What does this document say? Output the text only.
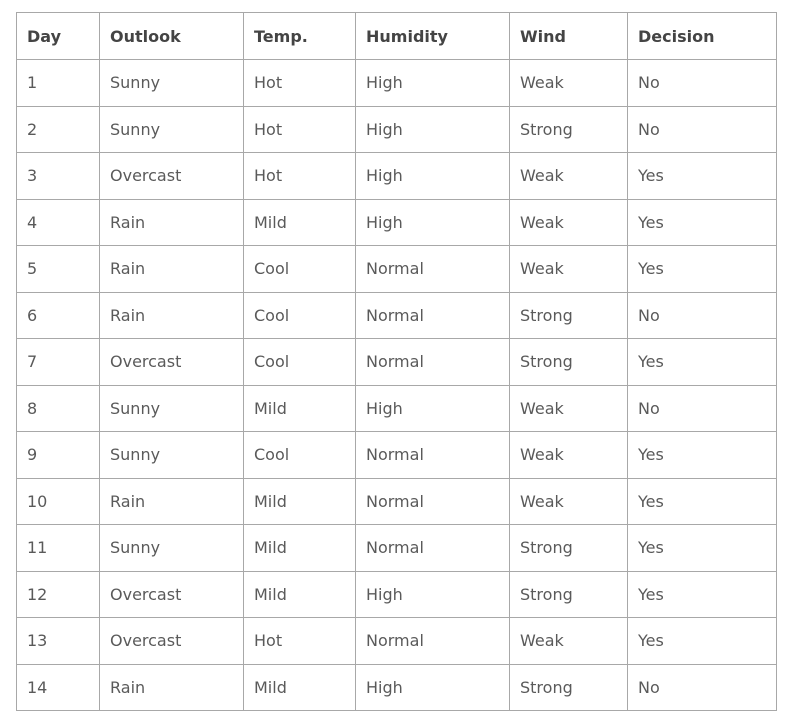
Day	Outlook	Temp.	Humidity	Wind	Decision
1	Sunny	Hot	High	Weak	No
2	Sunny	Hot	High	Strong	No
3	Overcast	Hot	High	Weak	Yes
4	Rain	Mild	High	Weak	Yes
5	Rain	Cool	Normal	Weak	Yes
6	Rain	Cool	Normal	Strong	No
7	Overcast	Cool	Normal	Strong	Yes
8	Sunny	Mild	High	Weak	No
9	Sunny	Cool	Normal	Weak	Yes
10	Rain	Mild	Normal	Weak	Yes
11	Sunny	Mild	Normal	Strong	Yes
12	Overcast	Mild	High	Strong	Yes
13	Overcast	Hot	Normal	Weak	Yes
14	Rain	Mild	High	Strong	No
